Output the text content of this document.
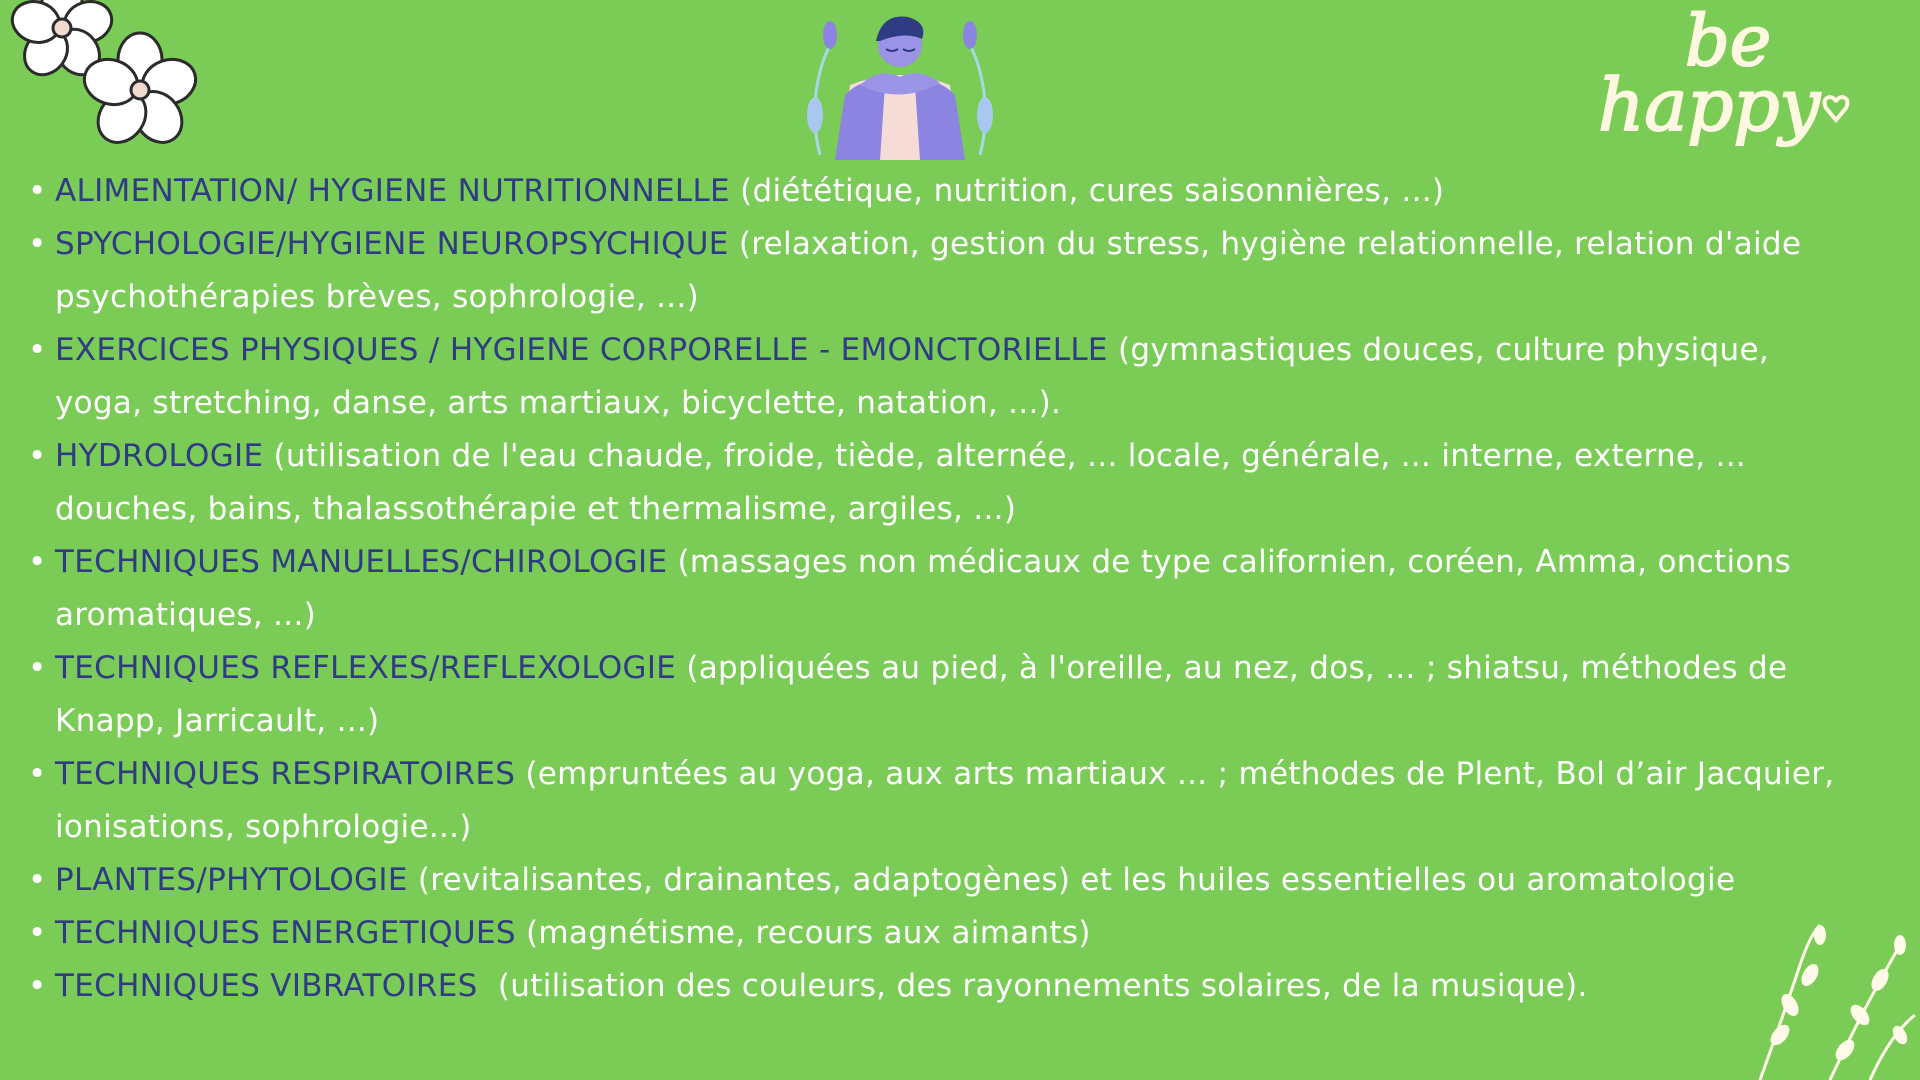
be
happy
• ALIMENTATION/ HYGIENE NUTRITIONNELLE (diététique, nutrition, cures saisonnières, ...)
• SPYCHOLOGIE/HYGIENE NEUROPSYCHIQUE (relaxation, gestion du stress, hygiène relationnelle, relation d'aide
psychothérapies brèves, sophrologie, ...)
• EXERCICES PHYSIQUES / HYGIENE CORPORELLE - EMONCTORIELLE (gymnastiques douces, culture physique,
yoga, stretching, danse, arts martiaux, bicyclette, natation, ...).
• HYDROLOGIE (utilisation de l'eau chaude, froide, tiède, alternée, ... locale, générale, ... interne, externe, ...
douches, bains, thalassothérapie et thermalisme, argiles, ...)
• TECHNIQUES MANUELLES/CHIROLOGIE (massages non médicaux de type californien, coréen, Amma, onctions
aromatiques, ...)
• TECHNIQUES REFLEXES/REFLEXOLOGIE (appliquées au pied, à l'oreille, au nez, dos, ... ; shiatsu, méthodes de
Knapp, Jarricault, ...)
• TECHNIQUES RESPIRATOIRES (empruntées au yoga, aux arts martiaux ... ; méthodes de Plent, Bol d’air Jacquier,
ionisations, sophrologie...)
• PLANTES/PHYTOLOGIE (revitalisantes, drainantes, adaptogènes) et les huiles essentielles ou aromatologie
• TECHNIQUES ENERGETIQUES (magnétisme, recours aux aimants)
• TECHNIQUES VIBRATOIRES  (utilisation des couleurs, des rayonnements solaires, de la musique).
